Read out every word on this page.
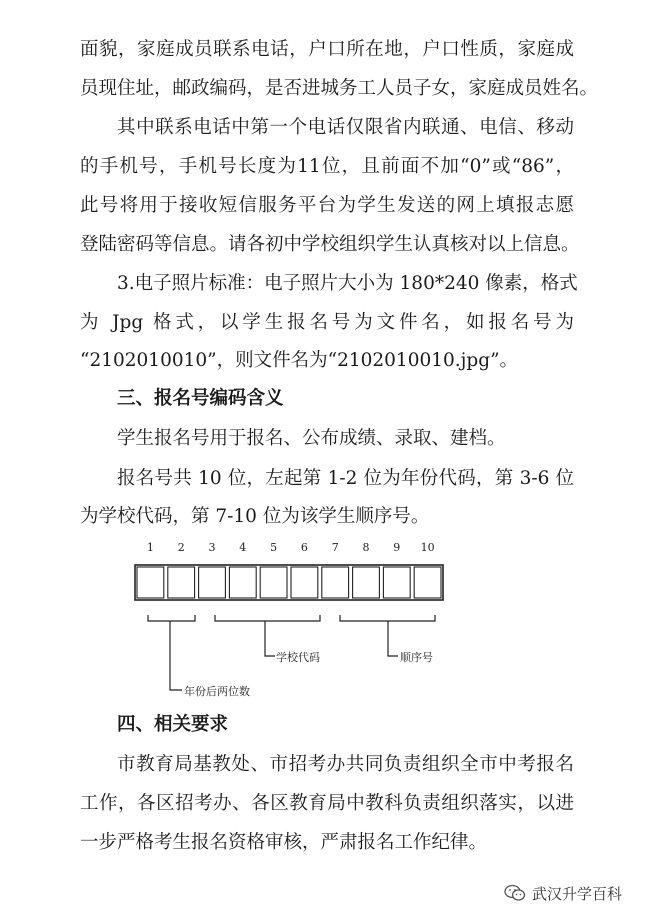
面貌，家庭成员联系电话，户口所在地，户口性质，家庭成
员现住址，邮政编码，是否进城务工人员子女，家庭成员姓名。
其中联系电话中第一个电话仅限省内联通、电信、移动
的手机号，手机号长度为11位，且前面不加“0”或“86”，
此号将用于接收短信服务平台为学生发送的网上填报志愿
登陆密码等信息。请各初中学校组织学生认真核对以上信息。
3.电子照片标准：电子照片大小为 180*240 像素，格式
为 Jpg 格式，以学生报名号为文件名，如报名号为
“2102010010”，则文件名为“2102010010.jpg”。
三、报名号编码含义
学生报名号用于报名、公布成绩、录取、建档。
报名号共 10 位，左起第 1-2 位为年份代码，第 3-6 位
为学校代码，第 7-10 位为该学生顺序号。
1 2 3 4 5 6 7 8 9 10
学校代码	顺序号
年份后两位数
四、相关要求
市教育局基教处、市招考办共同负责组织全市中考报名
工作，各区招考办、各区教育局中教科负责组织落实，以进
一步严格考生报名资格审核，严肃报名工作纪律。
武汉升学百科
